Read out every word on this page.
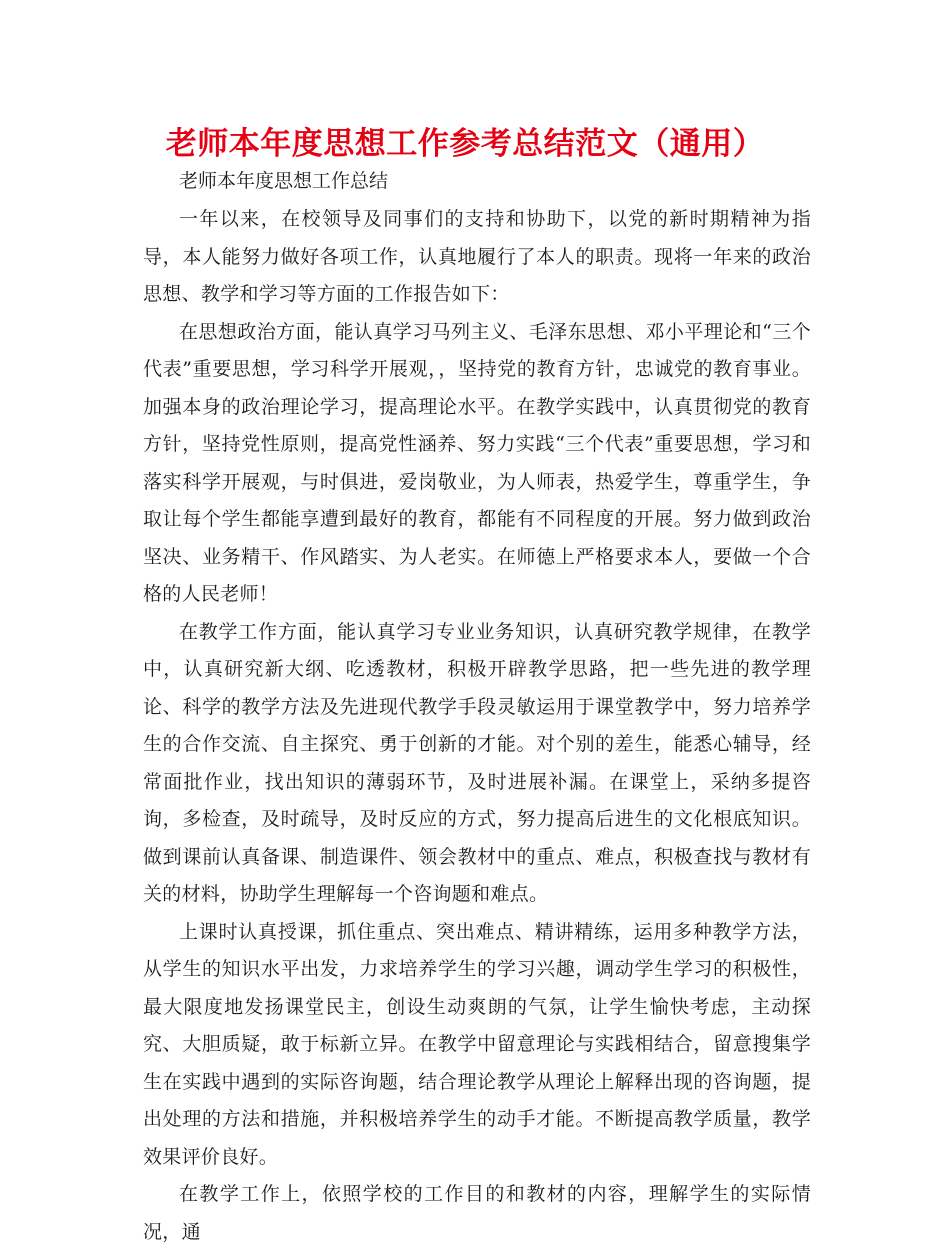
老师本年度思想工作参考总结范文（通用）

老师本年度思想工作总结

一年以来，在校领导及同事们的支持和协助下，以党的新时期精神为指导，本人能努力做好各项工作，认真地履行了本人的职责。现将一年来的政治思想、教学和学习等方面的工作报告如下：

在思想政治方面，能认真学习马列主义、毛泽东思想、邓小平理论和“三个代表”重要思想，学习科学开展观，，坚持党的教育方针，忠诚党的教育事业。加强本身的政治理论学习，提高理论水平。在教学实践中，认真贯彻党的教育方针，坚持党性原则，提高党性涵养、努力实践“三个代表”重要思想，学习和落实科学开展观，与时俱进，爱岗敬业，为人师表，热爱学生，尊重学生，争取让每个学生都能享遭到最好的教育，都能有不同程度的开展。努力做到政治坚决、业务精干、作风踏实、为人老实。在师德上严格要求本人，要做一个合格的人民老师！

在教学工作方面，能认真学习专业业务知识，认真研究教学规律，在教学中，认真研究新大纲、吃透教材，积极开辟教学思路，把一些先进的教学理论、科学的教学方法及先进现代教学手段灵敏运用于课堂教学中，努力培养学生的合作交流、自主探究、勇于创新的才能。对个别的差生，能悉心辅导，经常面批作业，找出知识的薄弱环节，及时进展补漏。在课堂上，采纳多提咨询，多检查，及时疏导，及时反应的方式，努力提高后进生的文化根底知识。做到课前认真备课、制造课件、领会教材中的重点、难点，积极查找与教材有关的材料，协助学生理解每一个咨询题和难点。

上课时认真授课，抓住重点、突出难点、精讲精练，运用多种教学方法，从学生的知识水平出发，力求培养学生的学习兴趣，调动学生学习的积极性，最大限度地发扬课堂民主，创设生动爽朗的气氛，让学生愉快考虑，主动探究、大胆质疑，敢于标新立异。在教学中留意理论与实践相结合，留意搜集学生在实践中遇到的实际咨询题，结合理论教学从理论上解释出现的咨询题，提出处理的方法和措施，并积极培养学生的动手才能。不断提高教学质量，教学效果评价良好。

在教学工作上，依照学校的工作目的和教材的内容，理解学生的实际情况，通
